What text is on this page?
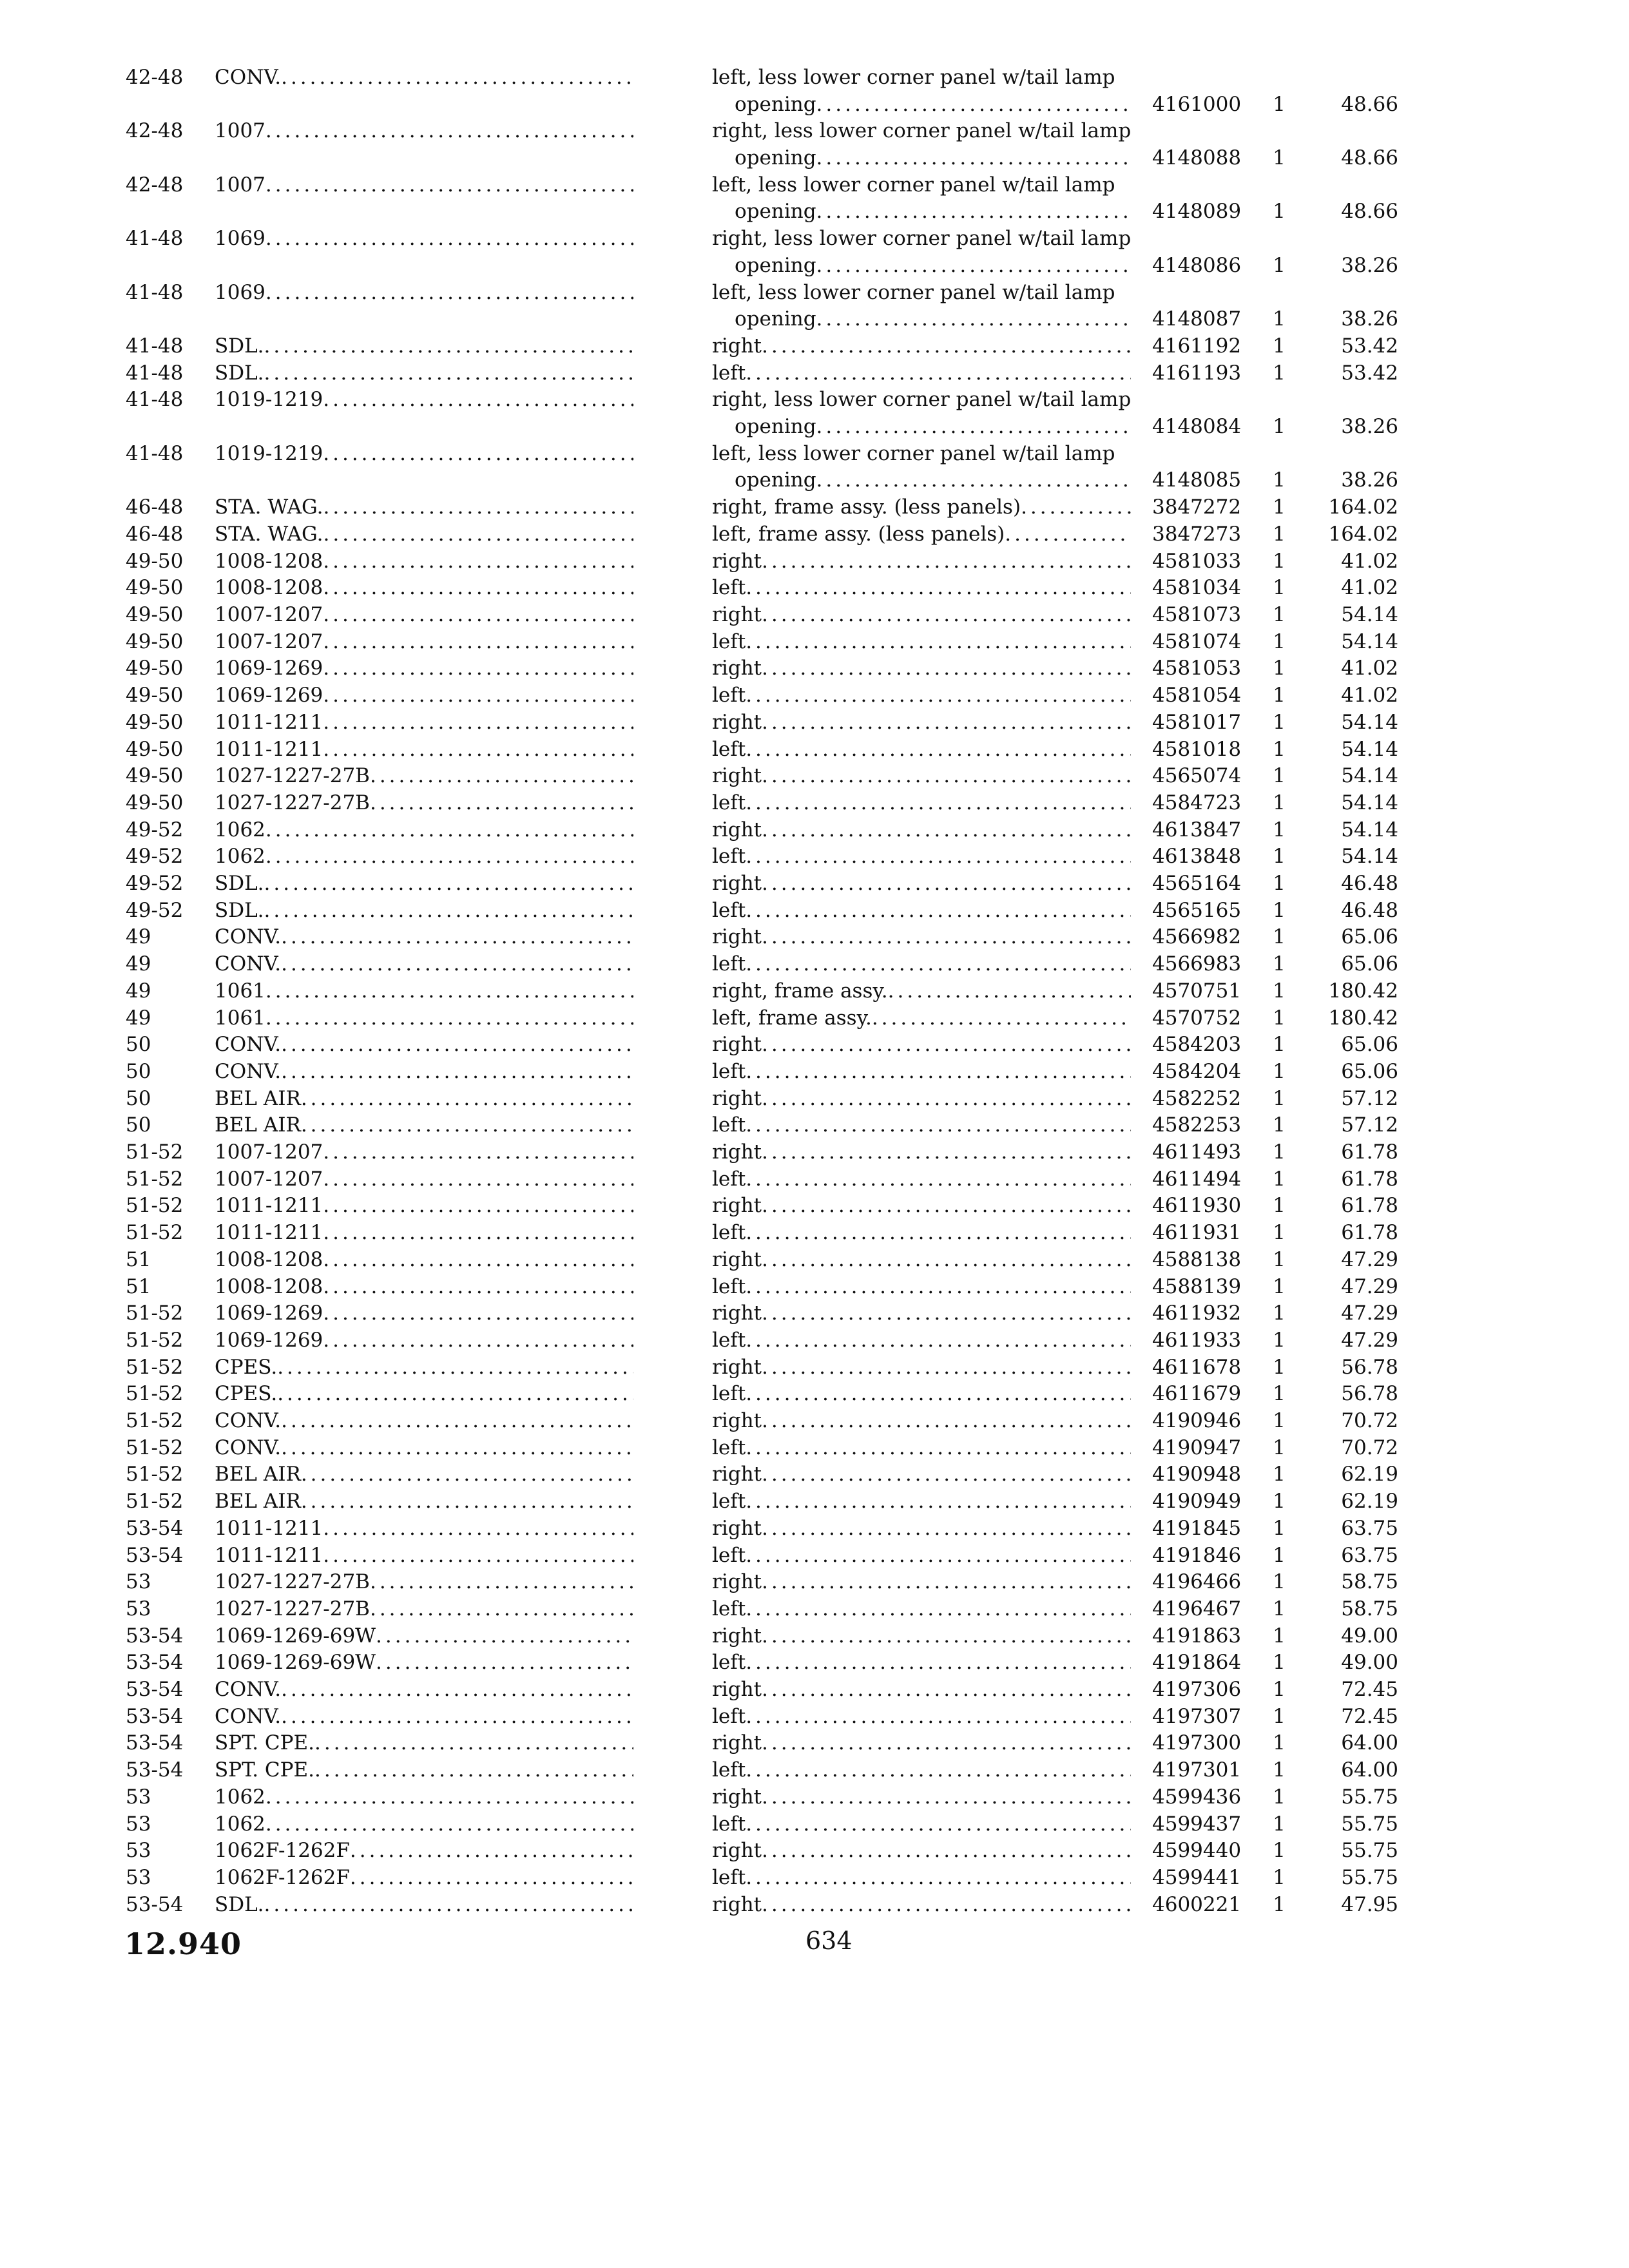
42-48	CONV. .....	left, less lower corner panel w/tail lamp
opening .....	4161000	1	48.66
42-48	1007 .....	right, less lower corner panel w/tail lamp
opening .....	4148088	1	48.66
42-48	1007 .....	left, less lower corner panel w/tail lamp
opening .....	4148089	1	48.66
41-48	1069 .....	right, less lower corner panel w/tail lamp
opening .....	4148086	1	38.26
41-48	1069 .....	left, less lower corner panel w/tail lamp
opening .....	4148087	1	38.26
41-48	SDL. .....	right .....	4161192	1	53.42
41-48	SDL. .....	left .....	4161193	1	53.42
41-48	1019-1219 .....	right, less lower corner panel w/tail lamp
opening .....	4148084	1	38.26
41-48	1019-1219 .....	left, less lower corner panel w/tail lamp
opening .....	4148085	1	38.26
46-48	STA. WAG. .....	right, frame assy. (less panels) .....	3847272	1	164.02
46-48	STA. WAG. .....	left, frame assy. (less panels) .....	3847273	1	164.02
49-50	1008-1208 .....	right .....	4581033	1	41.02
49-50	1008-1208 .....	left .....	4581034	1	41.02
49-50	1007-1207 .....	right .....	4581073	1	54.14
49-50	1007-1207 .....	left .....	4581074	1	54.14
49-50	1069-1269 .....	right .....	4581053	1	41.02
49-50	1069-1269 .....	left .....	4581054	1	41.02
49-50	1011-1211 .....	right .....	4581017	1	54.14
49-50	1011-1211 .....	left .....	4581018	1	54.14
49-50	1027-1227-27B .....	right .....	4565074	1	54.14
49-50	1027-1227-27B .....	left .....	4584723	1	54.14
49-52	1062 .....	right .....	4613847	1	54.14
49-52	1062 .....	left .....	4613848	1	54.14
49-52	SDL. .....	right .....	4565164	1	46.48
49-52	SDL. .....	left .....	4565165	1	46.48
49	CONV. .....	right .....	4566982	1	65.06
49	CONV. .....	left .....	4566983	1	65.06
49	1061 .....	right, frame assy. .....	4570751	1	180.42
49	1061 .....	left, frame assy. .....	4570752	1	180.42
50	CONV. .....	right .....	4584203	1	65.06
50	CONV. .....	left .....	4584204	1	65.06
50	BEL AIR .....	right .....	4582252	1	57.12
50	BEL AIR .....	left .....	4582253	1	57.12
51-52	1007-1207 .....	right .....	4611493	1	61.78
51-52	1007-1207 .....	left .....	4611494	1	61.78
51-52	1011-1211 .....	right .....	4611930	1	61.78
51-52	1011-1211 .....	left .....	4611931	1	61.78
51	1008-1208 .....	right .....	4588138	1	47.29
51	1008-1208 .....	left .....	4588139	1	47.29
51-52	1069-1269 .....	right .....	4611932	1	47.29
51-52	1069-1269 .....	left .....	4611933	1	47.29
51-52	CPES. .....	right .....	4611678	1	56.78
51-52	CPES. .....	left .....	4611679	1	56.78
51-52	CONV. .....	right .....	4190946	1	70.72
51-52	CONV. .....	left .....	4190947	1	70.72
51-52	BEL AIR .....	right .....	4190948	1	62.19
51-52	BEL AIR .....	left .....	4190949	1	62.19
53-54	1011-1211 .....	right .....	4191845	1	63.75
53-54	1011-1211 .....	left .....	4191846	1	63.75
53	1027-1227-27B .....	right .....	4196466	1	58.75
53	1027-1227-27B .....	left .....	4196467	1	58.75
53-54	1069-1269-69W .....	right .....	4191863	1	49.00
53-54	1069-1269-69W .....	left .....	4191864	1	49.00
53-54	CONV. .....	right .....	4197306	1	72.45
53-54	CONV. .....	left .....	4197307	1	72.45
53-54	SPT. CPE. .....	right .....	4197300	1	64.00
53-54	SPT. CPE. .....	left .....	4197301	1	64.00
53	1062 .....	right .....	4599436	1	55.75
53	1062 .....	left .....	4599437	1	55.75
53	1062F-1262F .....	right .....	4599440	1	55.75
53	1062F-1262F .....	left .....	4599441	1	55.75
53-54	SDL. .....	right .....	4600221	1	47.95
12.940	634
